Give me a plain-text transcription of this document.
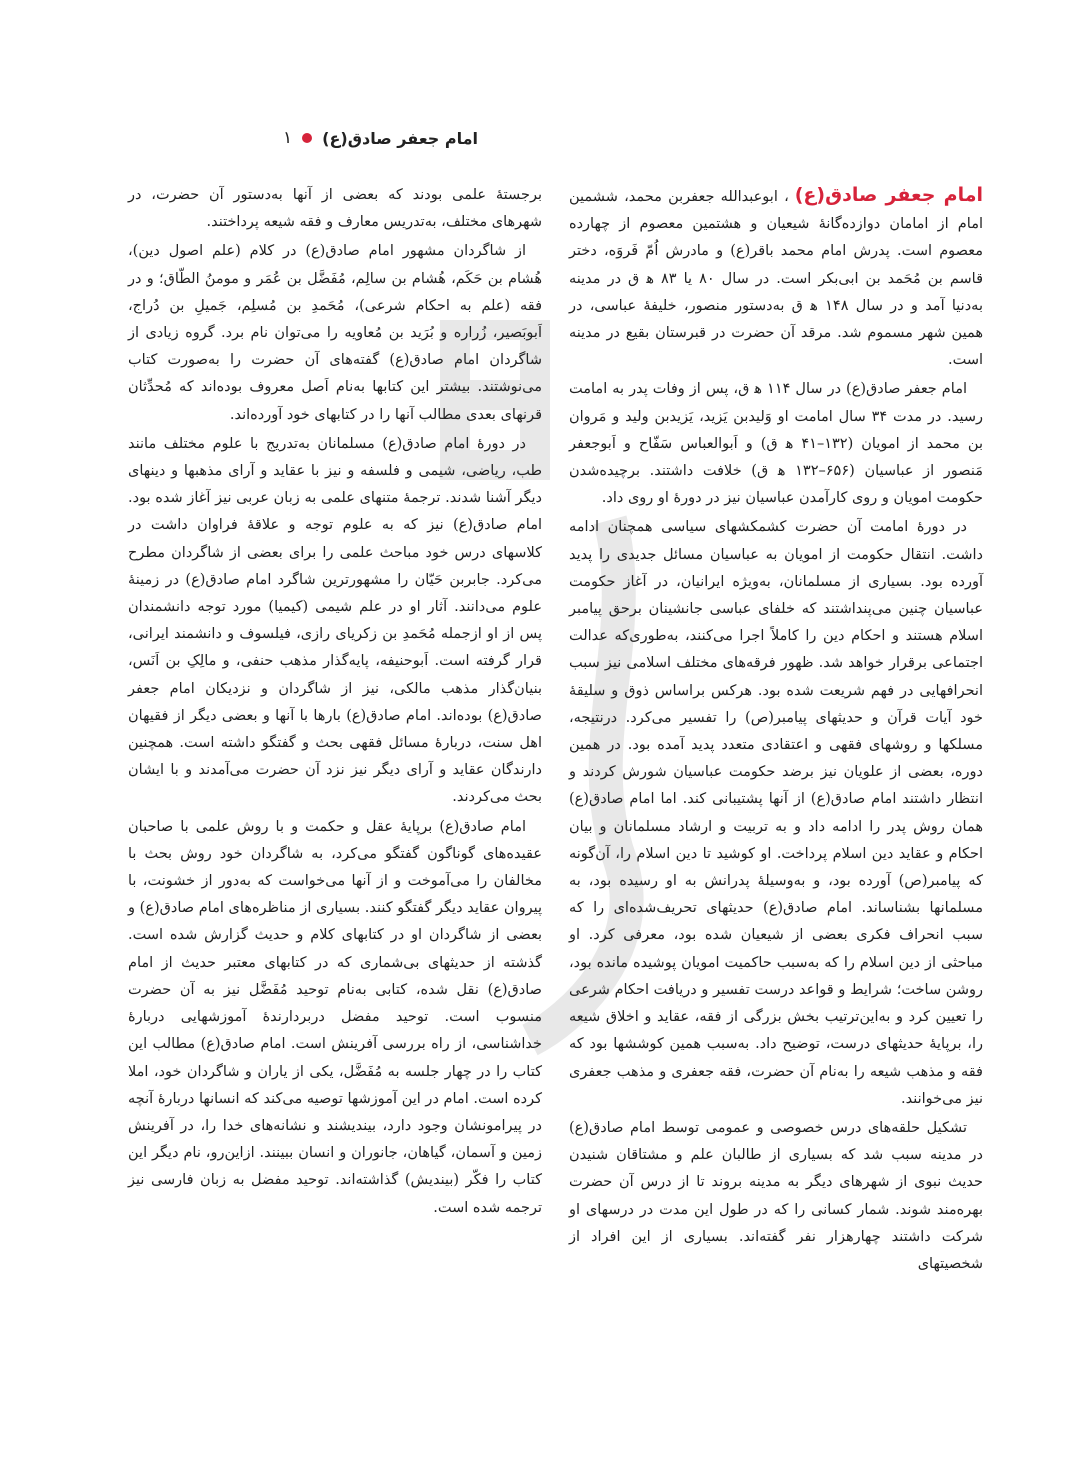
امام جعفر صادق(ع)
۱

امام جعفر صادق(ع)، ابوعبدالله جعفربن محمد، ششمین امام از امامان دوازده‌گانهٔ شیعیان و هشتمین معصوم از چهارده معصوم است. پدرش امام محمد باقر(ع) و مادرش اُمّ فَروَه، دختر قاسم بن مُحَمد بن ابی‌بکر است. در سال ۸۰ یا ۸۳ ه‍ ق در مدینه به‌دنیا آمد و در سال ۱۴۸ ه‍ ق به‌دستور منصور، خلیفهٔ عباسی، در همین شهر مسموم شد. مرقد آن حضرت در قبرستان بقیع در مدینه است.

امام جعفر صادق(ع) در سال ۱۱۴ ه‍ ق، پس از وفات پدر به امامت رسید. در مدت ۳۴ سال امامت او وَلیدبن یَزید، یَزیدبن ولید و مَروان بن محمد از امویان (۱۳۲–۴۱ ه‍ ق) و اَبوالعباس سَفّاح و اَبوجعفر مَنصور از عباسیان (۶۵۶–۱۳۲ ه‍ ق) خلافت داشتند. برچیده‌شدن حکومت امویان و روی کارآمدن عباسیان نیز در دورهٔ او روی داد.

در دورهٔ امامت آن حضرت کشمکشهای سیاسی همچنان ادامه داشت. انتقال حکومت از امویان به عباسیان مسائل جدیدی را پدید آورده بود. بسیاری از مسلمانان، به‌ویژه ایرانیان، در آغاز حکومت عباسیان چنین می‌پنداشتند که خلفای عباسی جانشینان برحق پیامبر اسلام هستند و احکام دین را کاملاً اجرا می‌کنند، به‌طوری‌که عدالت اجتماعی برقرار خواهد شد. ظهور فرقه‌های مختلف اسلامی نیز سبب انحرافهایی در فهم شریعت شده بود. هرکس براساس ذوق و سلیقهٔ خود آیات قرآن و حدیثهای پیامبر(ص) را تفسیر می‌کرد. درنتیجه، مسلکها و روشهای فقهی و اعتقادی متعدد پدید آمده بود. در همین دوره، بعضی از علویان نیز برضد حکومت عباسیان شورش کردند و انتظار داشتند امام صادق(ع) از آنها پشتیبانی کند. اما امام صادق(ع) همان روش پدر را ادامه داد و به تربیت و ارشاد مسلمانان و بیان احکام و عقاید دین اسلام پرداخت. او کوشید تا دین اسلام را، آن‌گونه که پیامبر(ص) آورده بود، و به‌وسیلهٔ پدرانش به او رسیده بود، به مسلمانها بشناساند. امام صادق(ع) حدیثهای تحریف‌شده‌ای را که سبب انحراف فکری بعضی از شیعیان شده بود، معرفی کرد. او مباحثی از دین اسلام را که به‌سبب حاکمیت امویان پوشیده مانده بود، روشن ساخت؛ شرایط و قواعد درست تفسیر و دریافت احکام شرعی را تعیین کرد و به‌این‌ترتیب بخش بزرگی از فقه، عقاید و اخلاق شیعه را، برپایهٔ حدیثهای درست، توضیح داد. به‌سبب همین کوششها بود که فقه و مذهب شیعه را به‌نام آن حضرت، فقه جعفری و مذهب جعفری نیز می‌خوانند.

تشکیل حلقه‌های درس خصوصی و عمومی توسط امام صادق(ع) در مدینه سبب شد که بسیاری از طالبان علم و مشتاقان شنیدن حدیث نبوی از شهرهای دیگر به مدینه بروند تا از درس آن حضرت بهره‌مند شوند. شمار کسانی را که در طول این مدت در درسهای او شرکت داشتند چهارهزار نفر گفته‌اند. بسیاری از این افراد از شخصیتهای

برجستهٔ علمی بودند که بعضی از آنها به‌دستور آن حضرت، در شهرهای مختلف، به‌تدریس معارف و فقه شیعه پرداختند.

از شاگردان مشهور امام صادق(ع) در کلام (علم اصول دین)، هُشام بن حَکَم، هُشام بن سالِم، مُفَضَّل بن عُمَر و مومنُ الطّاق؛ و در فقه (علم به احکام شرعی)، مُحَمدِ بن مُسلِم، جَمیلِ بن دُراج، اَبوبَصیر، زُراره و بُرَید بن مُعاویه را می‌توان نام برد. گروه زیادی از شاگردان امام صادق(ع) گفته‌های آن حضرت را به‌صورت کتاب می‌نوشتند. بیشتر این کتابها به‌نام اَصل معروف بوده‌اند که مُحدِّثان قرنهای بعدی مطالب آنها را در کتابهای خود آورده‌اند.

در دورهٔ امام صادق(ع) مسلمانان به‌تدریج با علوم مختلف مانند طب، ریاضی، شیمی و فلسفه و نیز با عقاید و آرای مذهبها و دینهای دیگر آشنا شدند. ترجمهٔ متنهای علمی به زبان عربی نیز آغاز شده بود. امام صادق(ع) نیز که به علوم توجه و علاقهٔ فراوان داشت در کلاسهای درس خود مباحث علمی را برای بعضی از شاگردان مطرح می‌کرد. جابربن حَیّان را مشهورترین شاگرد امام صادق(ع) در زمینهٔ علوم می‌دانند. آثار او در علم شیمی (کیمیا) مورد توجه دانشمندان پس از او ازجمله مُحَمدِ بن زکریای رازی، فیلسوف و دانشمند ایرانی، قرار گرفته است. اَبوحنیفه، پایه‌گذار مذهب حنفی، و مالِکِ بن اَنَس، بنیان‌گذار مذهب مالکی، نیز از شاگردان و نزدیکان امام جعفر صادق(ع) بوده‌اند. امام صادق(ع) بارها با آنها و بعضی دیگر از فقیهان اهل سنت، دربارهٔ مسائل فقهی بحث و گفتگو داشته است. همچنین دارندگان عقاید و آرای دیگر نیز نزد آن حضرت می‌آمدند و با ایشان بحث می‌کردند.

امام صادق(ع) برپایهٔ عقل و حکمت و با روش علمی با صاحبان عقیده‌های گوناگون گفتگو می‌کرد، به شاگردان خود روش بحث با مخالفان را می‌آموخت و از آنها می‌خواست که به‌دور از خشونت، با پیروان عقاید دیگر گفتگو کنند. بسیاری از مناظره‌های امام صادق(ع) و بعضی از شاگردان او در کتابهای کلام و حدیث گزارش شده است. گذشته از حدیثهای بی‌شماری که در کتابهای معتبر حدیث از امام صادق(ع) نقل شده، کتابی به‌نام توحید مُفَضَّل نیز به آن حضرت منسوب است. توحید مفضل دربردارندهٔ آموزشهایی دربارهٔ خداشناسی، از راه بررسی آفرینش است. امام صادق(ع) مطالب این کتاب را در چهار جلسه به مُفَضَّل، یکی از یاران و شاگردان خود، املا کرده است. امام در این آموزشها توصیه می‌کند که انسانها دربارهٔ آنچه در پیرامونشان وجود دارد، بیندیشند و نشانه‌های خدا را، در آفرینش زمین و آسمان، گیاهان، جانوران و انسان ببینند. ازاین‌رو، نام دیگر این کتاب را فکّر (بیندیش) گذاشته‌اند. توحید مفضل به زبان فارسی نیز ترجمه شده است.
